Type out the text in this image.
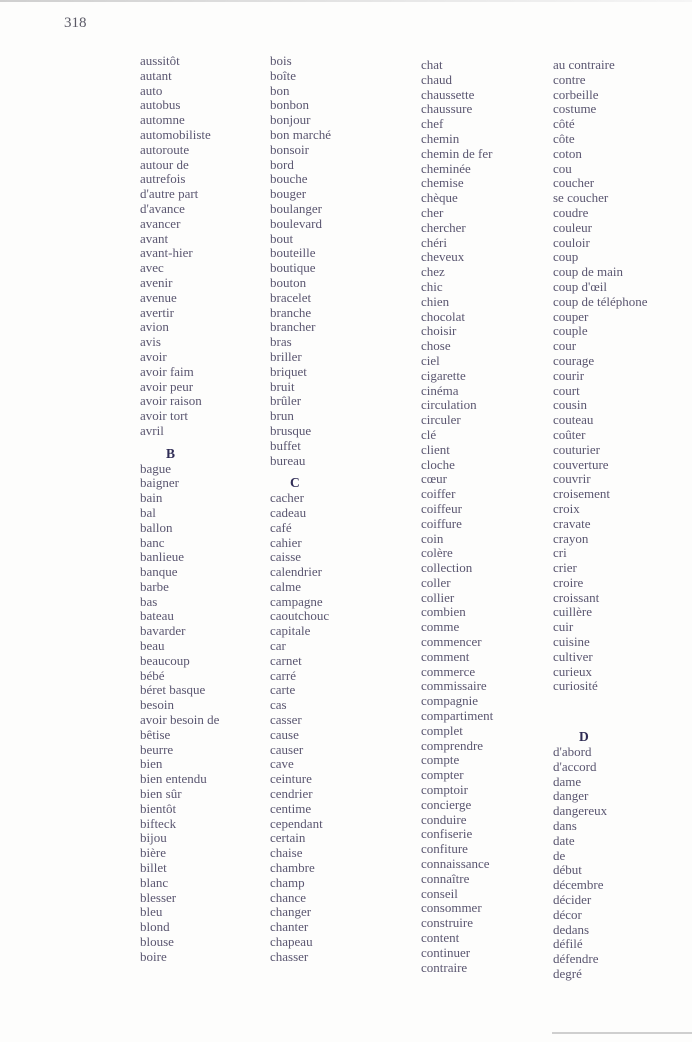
318
aussitôt
autant
auto
autobus
automne
automobiliste
autoroute
autour de
autrefois
d'autre part
d'avance
avancer
avant
avant-hier
avec
avenir
avenue
avertir
avion
avis
avoir
avoir faim
avoir peur
avoir raison
avoir tort
avril
B
bague
baigner
bain
bal
ballon
banc
banlieue
banque
barbe
bas
bateau
bavarder
beau
beaucoup
bébé
béret basque
besoin
avoir besoin de
bêtise
beurre
bien
bien entendu
bien sûr
bientôt
bifteck
bijou
bière
billet
blanc
blesser
bleu
blond
blouse
boire
bois
boîte
bon
bonbon
bonjour
bon marché
bonsoir
bord
bouche
bouger
boulanger
boulevard
bout
bouteille
boutique
bouton
bracelet
branche
brancher
bras
briller
briquet
bruit
brûler
brun
brusque
buffet
bureau
C
cacher
cadeau
café
cahier
caisse
calendrier
calme
campagne
caoutchouc
capitale
car
carnet
carré
carte
cas
casser
cause
causer
cave
ceinture
cendrier
centime
cependant
certain
chaise
chambre
champ
chance
changer
chanter
chapeau
chasser
chat
chaud
chaussette
chaussure
chef
chemin
chemin de fer
cheminée
chemise
chèque
cher
chercher
chéri
cheveux
chez
chic
chien
chocolat
choisir
chose
ciel
cigarette
cinéma
circulation
circuler
clé
client
cloche
cœur
coiffer
coiffeur
coiffure
coin
colère
collection
coller
collier
combien
comme
commencer
comment
commerce
commissaire
compagnie
compartiment
complet
comprendre
compte
compter
comptoir
concierge
conduire
confiserie
confiture
connaissance
connaître
conseil
consommer
construire
content
continuer
contraire
au contraire
contre
corbeille
costume
côté
côte
coton
cou
coucher
se coucher
coudre
couleur
couloir
coup
coup de main
coup d'œil
coup de téléphone
couper
couple
cour
courage
courir
court
cousin
couteau
coûter
couturier
couverture
couvrir
croisement
croix
cravate
crayon
cri
crier
croire
croissant
cuillère
cuir
cuisine
cultiver
curieux
curiosité
D
d'abord
d'accord
dame
danger
dangereux
dans
date
de
début
décembre
décider
décor
dedans
défilé
défendre
degré
